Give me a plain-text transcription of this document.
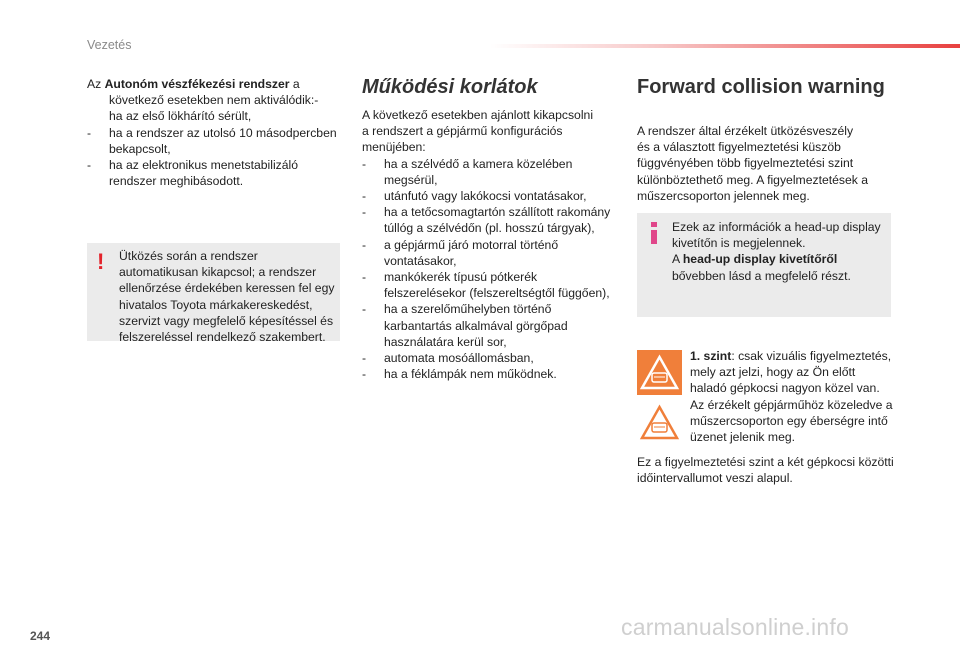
Vezetés
Az Autonóm vészfékezési rendszer a
következő esetekben nem aktiválódik:-
ha az első lökhárító sérült,
- ha a rendszer az utolsó 10 másodpercben
bekapcsolt,
- ha az elektronikus menetstabilizáló
rendszer meghibásodott.
! Ütközés során a rendszer
automatikusan kikapcsol; a rendszer
ellenőrzése érdekében keressen fel egy
hivatalos Toyota márkakereskedést,
szervizt vagy megfelelő képesítéssel és
felszereléssel rendelkező szakembert.
Működési korlátok
A következő esetekben ajánlott kikapcsolni
a rendszert a gépjármű konfigurációs
menüjében:
- ha a szélvédő a kamera közelében
megsérül,
- utánfutó vagy lakókocsi vontatásakor,
- ha a tetőcsomagtartón szállított rakomány
túllóg a szélvédőn (pl. hosszú tárgyak),
- a gépjármű járó motorral történő
vontatásakor,
- mankókerék típusú pótkerék
felszerelésekor (felszereltségtől függően),
- ha a szerelőműhelyben történő
karbantartás alkalmával görgőpad
használatára kerül sor,
- automata mosóállomásban,
- ha a féklámpák nem működnek.
Forward collision warning
A rendszer által érzékelt ütközésveszély
és a választott figyelmeztetési küszöb
függvényében több figyelmeztetési szint
különböztethető meg. A figyelmeztetések a
műszercsoporton jelennek meg.
Ezek az információk a head-up display
kivetítőn is megjelennek.
A head-up display kivetítőről
bővebben lásd a megfelelő részt.
1. szint: csak vizuális figyelmeztetés,
mely azt jelzi, hogy az Ön előtt
haladó gépkocsi nagyon közel van.
Az érzékelt gépjárműhöz közeledve a
műszercsoporton egy éberségre intő
üzenet jelenik meg.
Ez a figyelmeztetési szint a két gépkocsi közötti
időintervallumot veszi alapul.
244	carmanualsonline.info
